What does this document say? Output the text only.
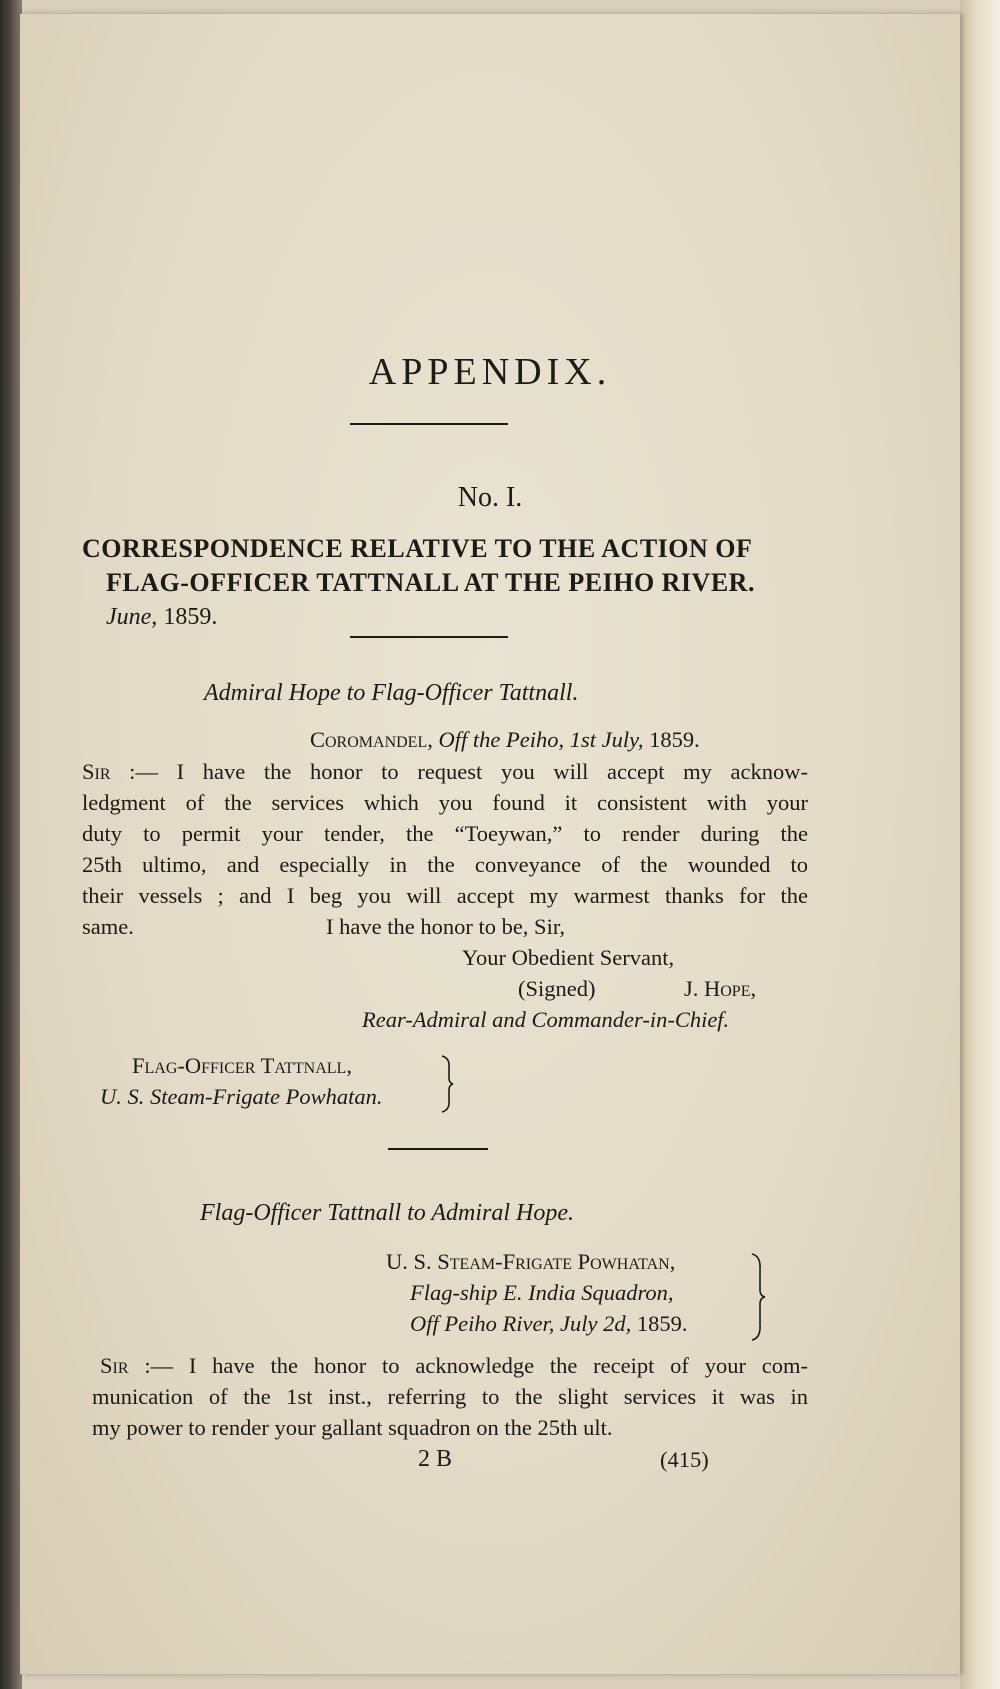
APPENDIX.
No. I.
CORRESPONDENCE RELATIVE TO THE ACTION OF
FLAG-OFFICER TATTNALL AT THE PEIHO RIVER.
June, 1859.
Admiral Hope to Flag-Officer Tattnall.
Coromandel, Off the Peiho, 1st July, 1859.
Sir :— I have the honor to request you will accept my acknow-
ledgment of the services which you found it consistent with your
duty to permit your tender, the “Toeywan,” to render during the
25th ultimo, and especially in the conveyance of the wounded to
their vessels ; and I beg you will accept my warmest thanks for the
same.	I have the honor to be, Sir,
Your Obedient Servant,
(Signed)	J. Hope,
Rear-Admiral and Commander-in-Chief.
Flag-Officer Tattnall,
U. S. Steam-Frigate Powhatan.
Flag-Officer Tattnall to Admiral Hope.
U. S. Steam-Frigate Powhatan,
Flag-ship E. India Squadron,
Off Peiho River, July 2d, 1859.
Sir :— I have the honor to acknowledge the receipt of your com-
munication of the 1st inst., referring to the slight services it was in
my power to render your gallant squadron on the 25th ult.
2 B	(415)
